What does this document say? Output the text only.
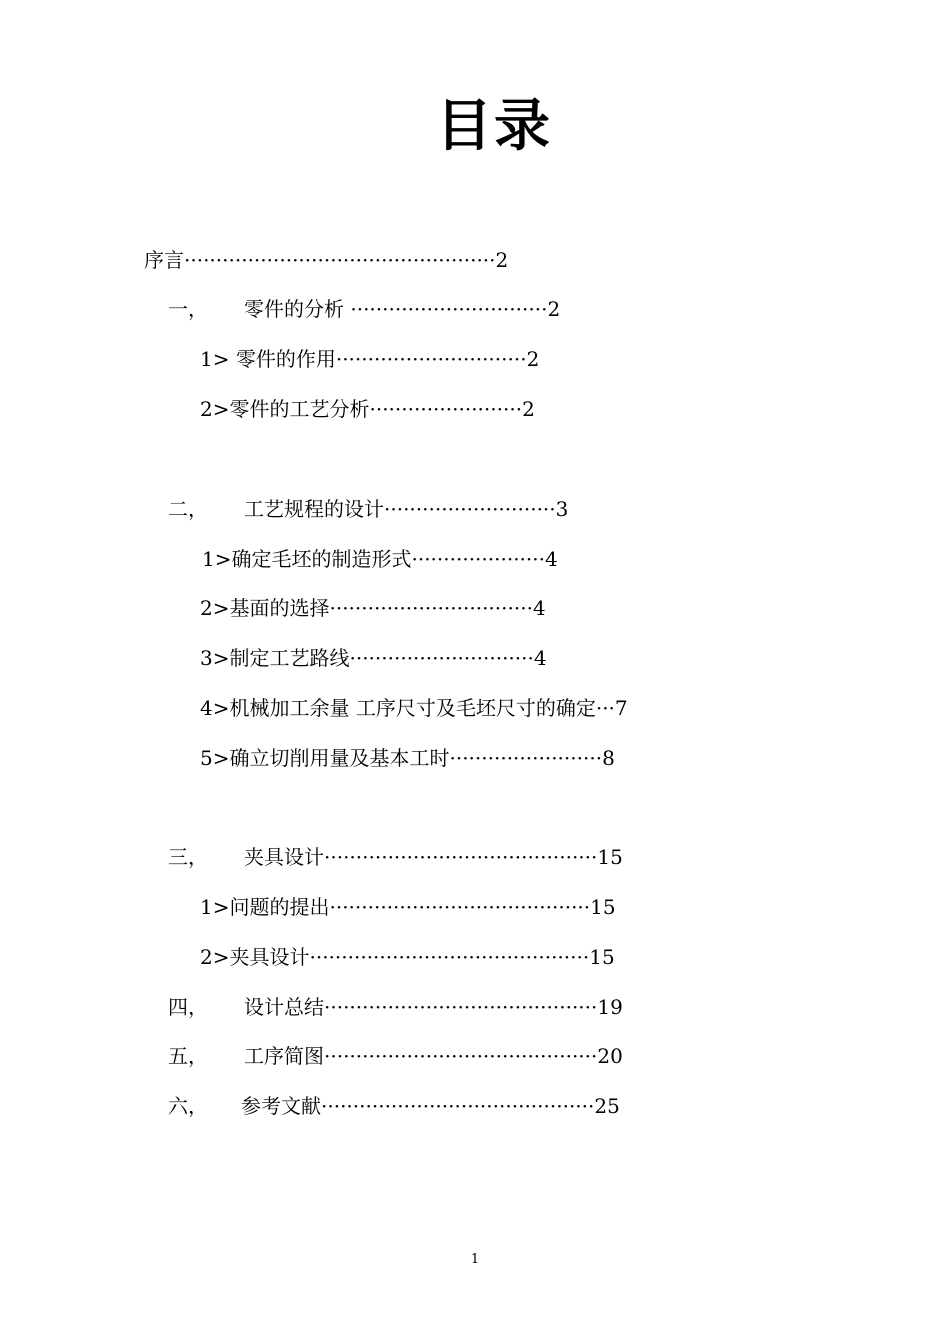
目录
序言·················································2
一， 零件的分析 ·······························2
1> 零件的作用······························2
2>零件的工艺分析························2
二， 工艺规程的设计···························3
1>确定毛坯的制造形式·····················4
2>基面的选择································4
3>制定工艺路线·····························4
4>机械加工余量 工序尺寸及毛坯尺寸的确定···7
5>确立切削用量及基本工时························8
三， 夹具设计···········································15
1>问题的提出·········································15
2>夹具设计············································15
四， 设计总结···········································19
五， 工序简图···········································20
六， 参考文献···········································25
1
